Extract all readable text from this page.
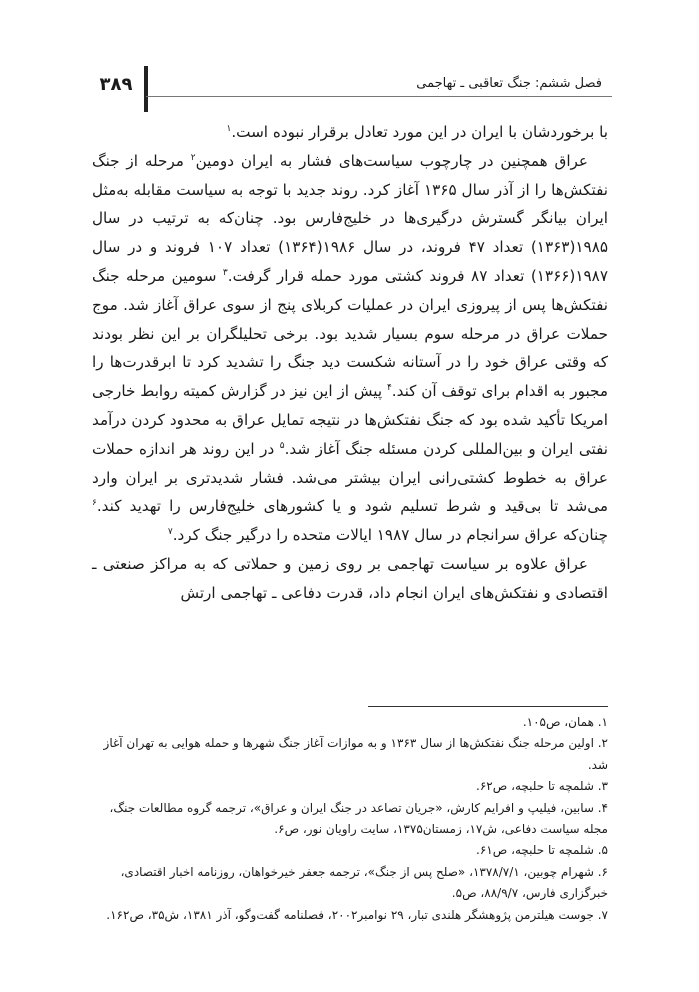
۳۸۹	فصل ششم: جنگ تعاقبی ـ تهاجمی

با برخوردشان با ایران در این مورد تعادل برقرار نبوده است.$^۱$

عراق همچنین در چارچوب سیاست‌های فشار به ایران دومین$^۲$ مرحله از جنگ نفتکش‌ها را از آذر سال ۱۳۶۵ آغاز کرد. روند جدید با توجه به سیاست مقابله به‌مثل ایران بیانگر گسترش درگیری‌ها در خلیج‌فارس بود. چنان‌که به ترتیب در سال ۱۹۸۵(۱۳۶۳) تعداد ۴۷ فروند، در سال ۱۹۸۶(۱۳۶۴) تعداد ۱۰۷ فروند و در سال ۱۹۸۷(۱۳۶۶) تعداد ۸۷ فروند کشتی مورد حمله قرار گرفت.$^۳$ سومین مرحله جنگ نفتکش‌ها پس از پیروزی ایران در عملیات کربلای پنج از سوی عراق آغاز شد. موج حملات عراق در مرحله سوم بسیار شدید بود. برخی تحلیلگران بر این نظر بودند که وقتی عراق خود را در آستانه شکست دید جنگ را تشدید کرد تا ابرقدرت‌ها را مجبور به اقدام برای توقف آن کند.$^۴$ پیش از این نیز در گزارش کمیته روابط خارجی امریکا تأکید شده بود که جنگ نفتکش‌ها در نتیجه تمایل عراق به محدود کردن درآمد نفتی ایران و بین‌المللی کردن مسئله جنگ آغاز شد.$^۵$ در این روند هر اندازه حملات عراق به خطوط کشتی‌رانی ایران بیشتر می‌شد. فشار شدیدتری بر ایران وارد می‌شد تا بی‌قید و شرط تسلیم شود و یا کشورهای خلیج‌فارس را تهدید کند.$^۶$ چنان‌که عراق سرانجام در سال ۱۹۸۷ ایالات متحده را درگیر جنگ کرد.$^۷$

عراق علاوه بر سیاست تهاجمی بر روی زمین و حملاتی که به مراکز صنعتی ـ اقتصادی و نفتکش‌های ایران انجام داد، قدرت دفاعی ـ تهاجمی ارتش

۱. همان، ص۱۰۵.

۲. اولین مرحله جنگ نفتکش‌ها از سال ۱۳۶۳ و به موازات آغاز جنگ شهرها و حمله هوایی به تهران آغاز شد.

۳. شلمچه تا حلبچه، ص۶۲.

۴. سابین، فیلیپ و افرایم کارش، «جریان تصاعد در جنگ ایران و عراق»، ترجمه گروه مطالعات جنگ، مجله سیاست دفاعی، ش۱۷، زمستان۱۳۷۵، سایت راویان نور، ص۶.

۵. شلمچه تا حلبچه، ص۶۱.

۶. شهرام چوبین، ۱۳۷۸/۷/۱، «صلح پس از جنگ»، ترجمه جعفر خیرخواهان، روزنامه اخبار اقتصادی، خبرگزاری فارس، ۸۸/۹/۷، ص۵.

۷. جوست هیلترمن پژوهشگر هلندی تبار، ۲۹ نوامبر۲۰۰۲، فصلنامه گفت‌وگو، آذر ۱۳۸۱، ش۳۵، ص۱۶۲.
